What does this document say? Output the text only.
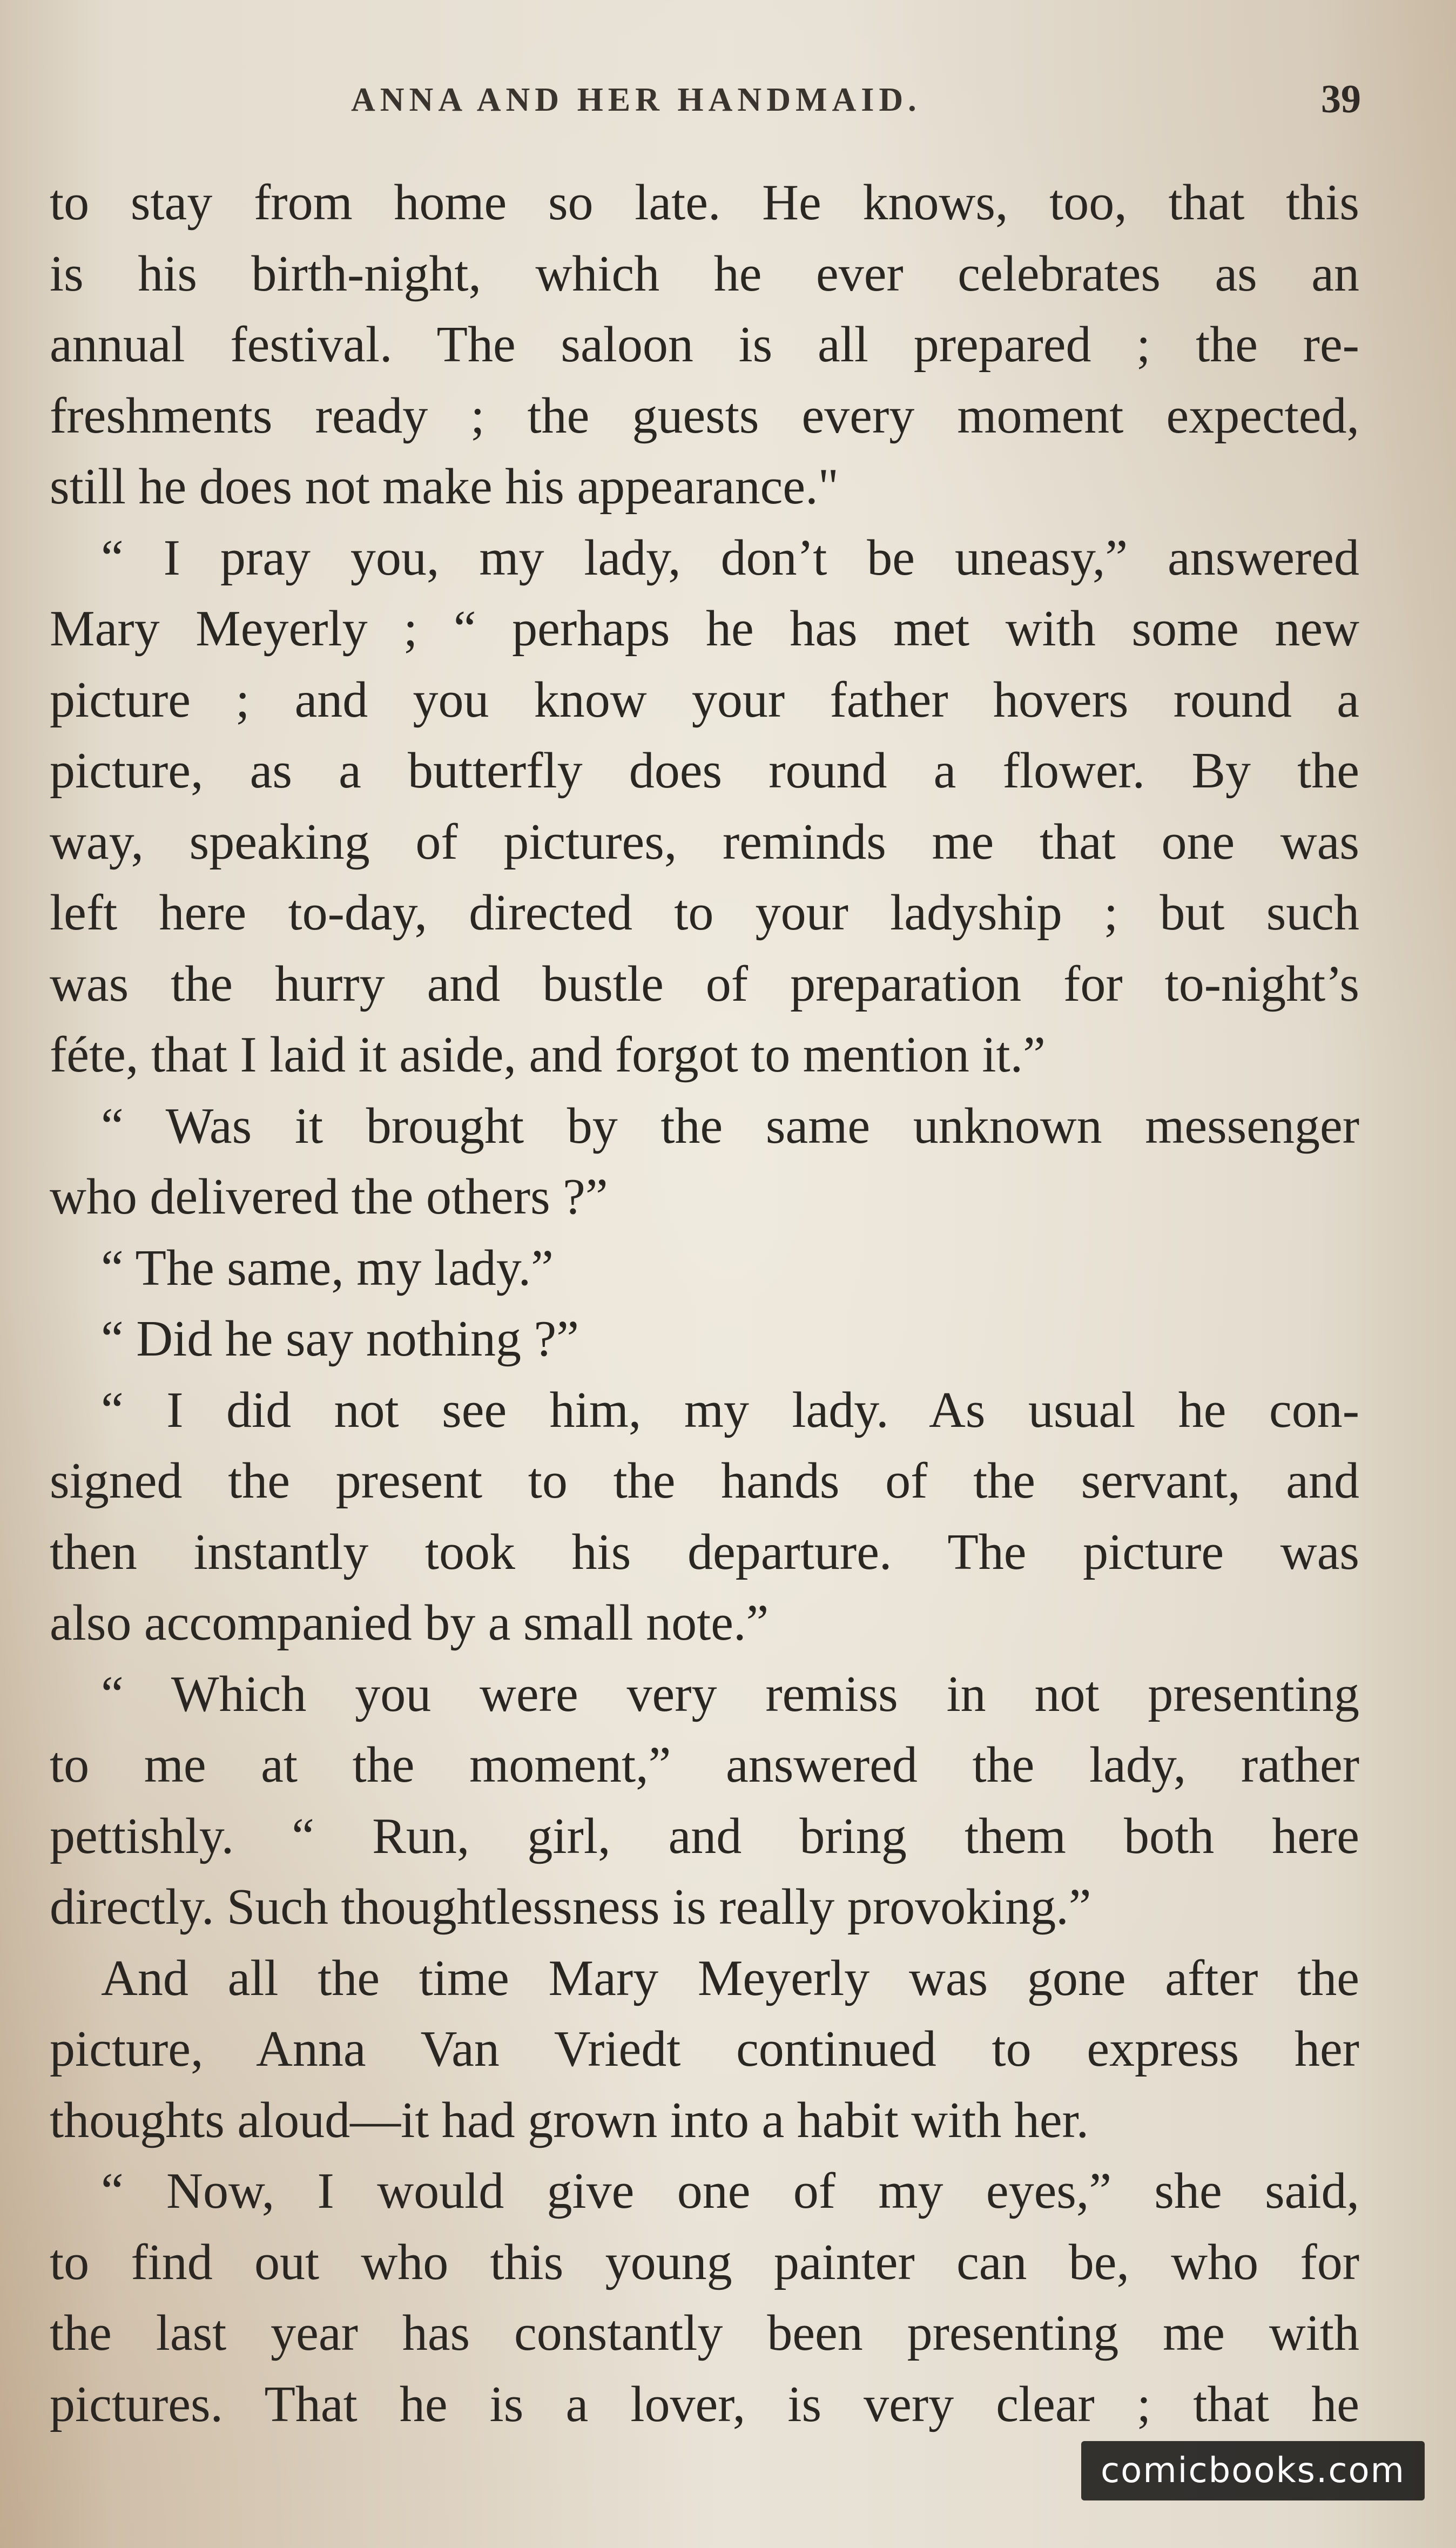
ANNA AND HER HANDMAID.	39
to stay from home so late. He knows, too, that this
is his birth-night, which he ever celebrates as an
annual festival. The saloon is all prepared ; the re-
freshments ready ; the guests every moment expected,
still he does not make his appearance."
“ I pray you, my lady, don’t be uneasy,” answered
Mary Meyerly ; “ perhaps he has met with some new
picture ; and you know your father hovers round a
picture, as a butterfly does round a flower. By the
way, speaking of pictures, reminds me that one was
left here to-day, directed to your ladyship ; but such
was the hurry and bustle of preparation for to-night’s
féte, that I laid it aside, and forgot to mention it.”
“ Was it brought by the same unknown messenger
who delivered the others ?”
“ The same, my lady.”
“ Did he say nothing ?”
“ I did not see him, my lady. As usual he con-
signed the present to the hands of the servant, and
then instantly took his departure. The picture was
also accompanied by a small note.”
“ Which you were very remiss in not presenting
to me at the moment,” answered the lady, rather
pettishly. “ Run, girl, and bring them both here
directly. Such thoughtlessness is really provoking.”
And all the time Mary Meyerly was gone after the
picture, Anna Van Vriedt continued to express her
thoughts aloud—it had grown into a habit with her.
“ Now, I would give one of my eyes,” she said,
to find out who this young painter can be, who for
the last year has constantly been presenting me with
pictures. That he is a lover, is very clear ; that he
comicbooks.com
